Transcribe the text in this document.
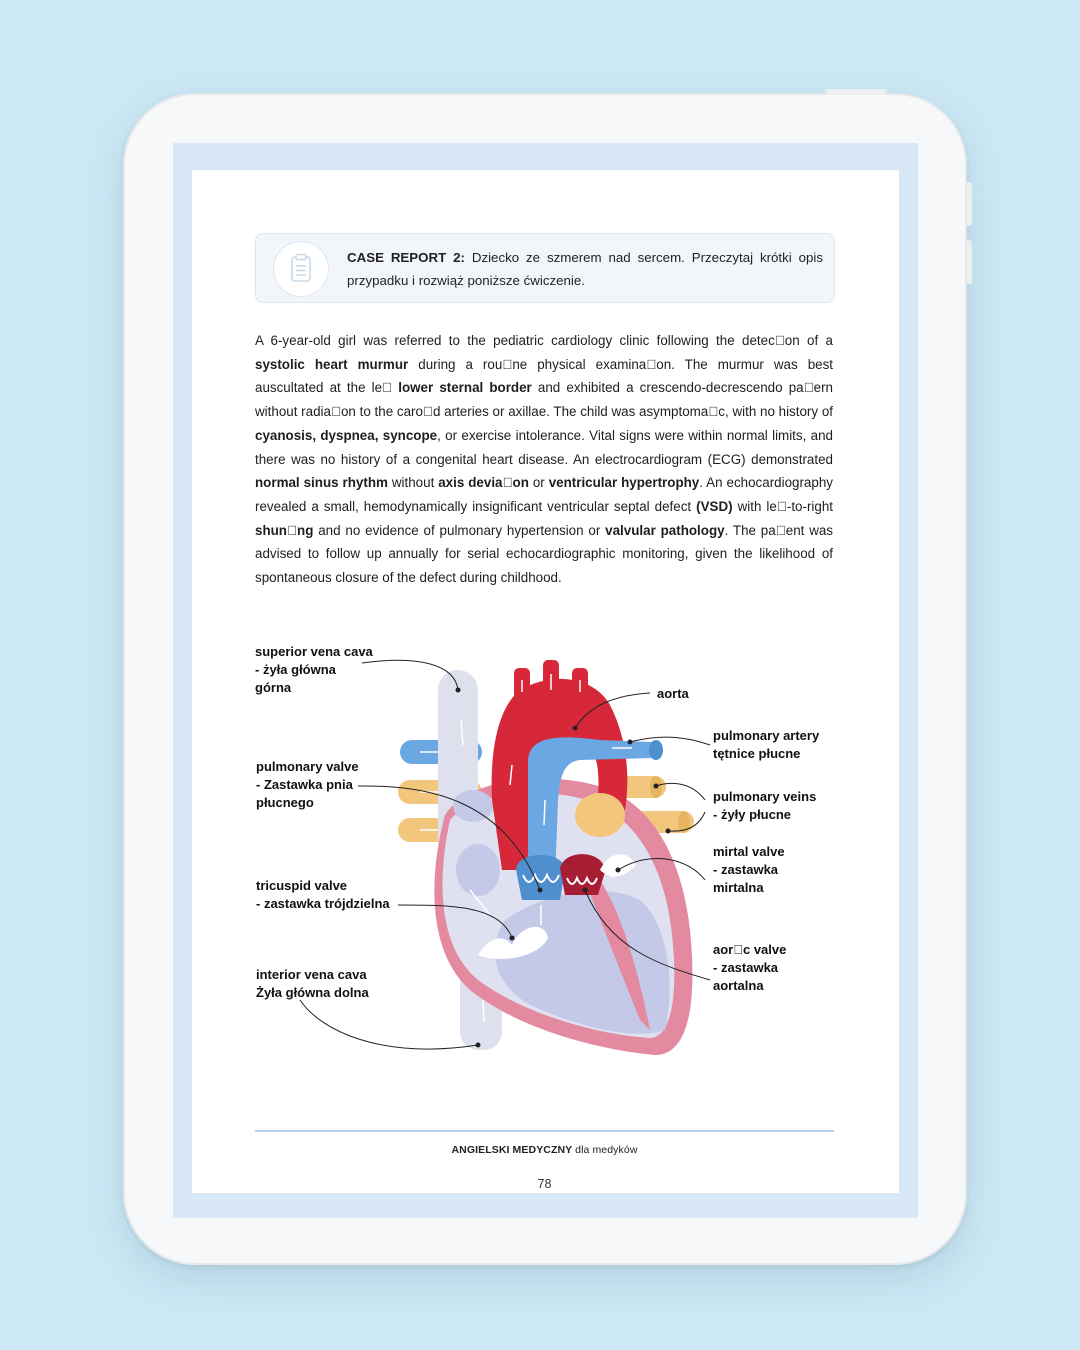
CASE REPORT 2: Dziecko ze szmerem nad sercem. Przeczytaj krótki opis przypadku i rozwiąż poniższe ćwiczenie.

A 6-year-old girl was referred to the pediatric cardiology clinic following the detec on of a systolic heart murmur during a rou ne physical examina on. The murmur was best auscultated at the le  lower sternal border and exhibited a crescendo-decrescendo pa ern without radia on to the caro d arteries or axillae. The child was asymptoma c, with no history of cyanosis, dyspnea, syncope, or exercise intolerance. Vital signs were within normal limits, and there was no history of a congenital heart disease. An electrocardiogram (ECG) demonstrated normal sinus rhythm without axis devia on or ventricular hypertrophy. An echocardiography revealed a small, hemodynamically insignificant ventricular septal defect (VSD) with le -to-right shun ng and no evidence of pulmonary hypertension or valvular pathology. The pa ent was advised to follow up annually for serial echocardiographic monitoring, given the likelihood of spontaneous closure of the defect during childhood.

superior vena cava
- żyła główna
górna	aorta
pulmonary artery
tętnice płucne
pulmonary valve
- Zastawka pnia
płucnego	pulmonary veins
- żyły płucne
mirtal valve
- zastawka
mirtalna
tricuspid valve
- zastawka trójdzielna
aor c valve
- zastawka
aortalna
interior vena cava
Żyła główna dolna
ANGIELSKI MEDYCZNY dla medyków
78
